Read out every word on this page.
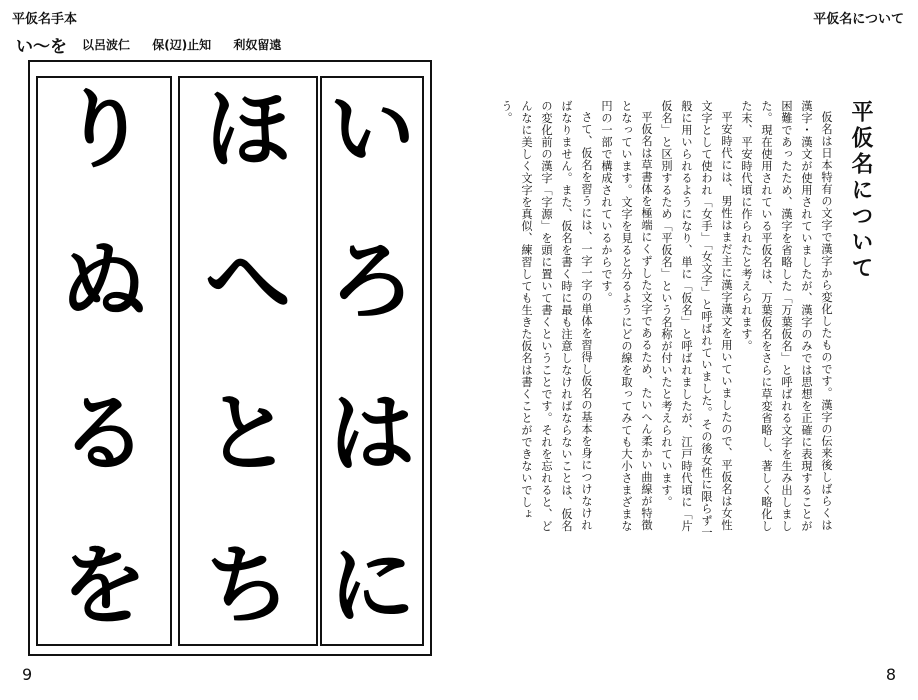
平仮名手本	平仮名について
い〜を 以呂波仁 保(辺)止知 利奴留遠
い
ろ
は
に
ほ
へ
と
ち
り
ぬ
る
を
平仮名について

仮名は日本特有の文字で漢字から変化したものです。漢字の伝来後しばらくは漢字・漢文が使用されていましたが、漢字のみでは思想を正確に表現することが困難であったため、漢字を省略した「万葉仮名」と呼ばれる文字を生み出しました。現在使用されている平仮名は、万葉仮名をさらに草変省略し、著しく略化した末、平安時代頃に作られたと考えられます。

平安時代には、男性はまだ主に漢字漢文を用いていましたので、平仮名は女性文字として使われ「女手」「女文字」と呼ばれていました。その後女性に限らず一般に用いられるようになり、単に「仮名」と呼ばれましたが、江戸時代頃に「片仮名」と区別するため「平仮名」という名称が付いたと考えられています。

平仮名は草書体を極端にくずした文字であるため、たいへん柔かい曲線が特徴となっています。文字を見ると分るようにどの線を取ってみても大小さまざまな円の一部で構成されているからです。

さて、仮名を習うには、一字一字の単体を習得し仮名の基本を身につけなければなりません。また、仮名を書く時に最も注意しなければならないことは、仮名の変化前の漢字「字源」を頭に置いて書くということです。それを忘れると、どんなに美しく文字を真似、練習しても生きた仮名は書くことができないでしょう。

9	8
